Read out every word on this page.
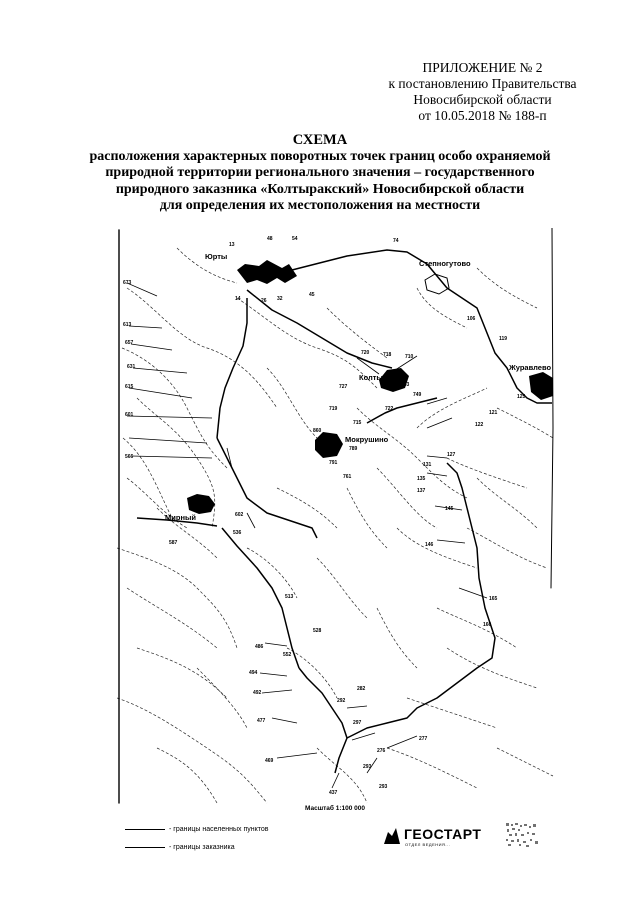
ПРИЛОЖЕНИЕ № 2
к постановлению Правительства
Новосибирской области
от 10.05.2018 № 188-п
СХЕМА
расположения характерных поворотных точек границ особо охраняемой
природной территории регионального значения – государственного
природного заказника «Колтыракский» Новосибирской области
для определения их местоположения на местности
Юрты
Степногутово
Журавлево
Колтырак
Мокрушино
Мирный
13
48	54	74
14	26 32
45
673
613
657
631
615
601
106
119
125
121
122
720	718	710
727
722
763
749
719
715
860
789
761
791
127
131
135
137
145
146
165
566
602
587
536
160
513
528
552
486
494
492
477
469
437
282
297
276
293
277
292
293
Масштаб 1:100 000
- границы населенных пунктов
- границы заказника
ГЕОСТАРТ
ОТДЕЛ ВЕДЕНИЯ...
